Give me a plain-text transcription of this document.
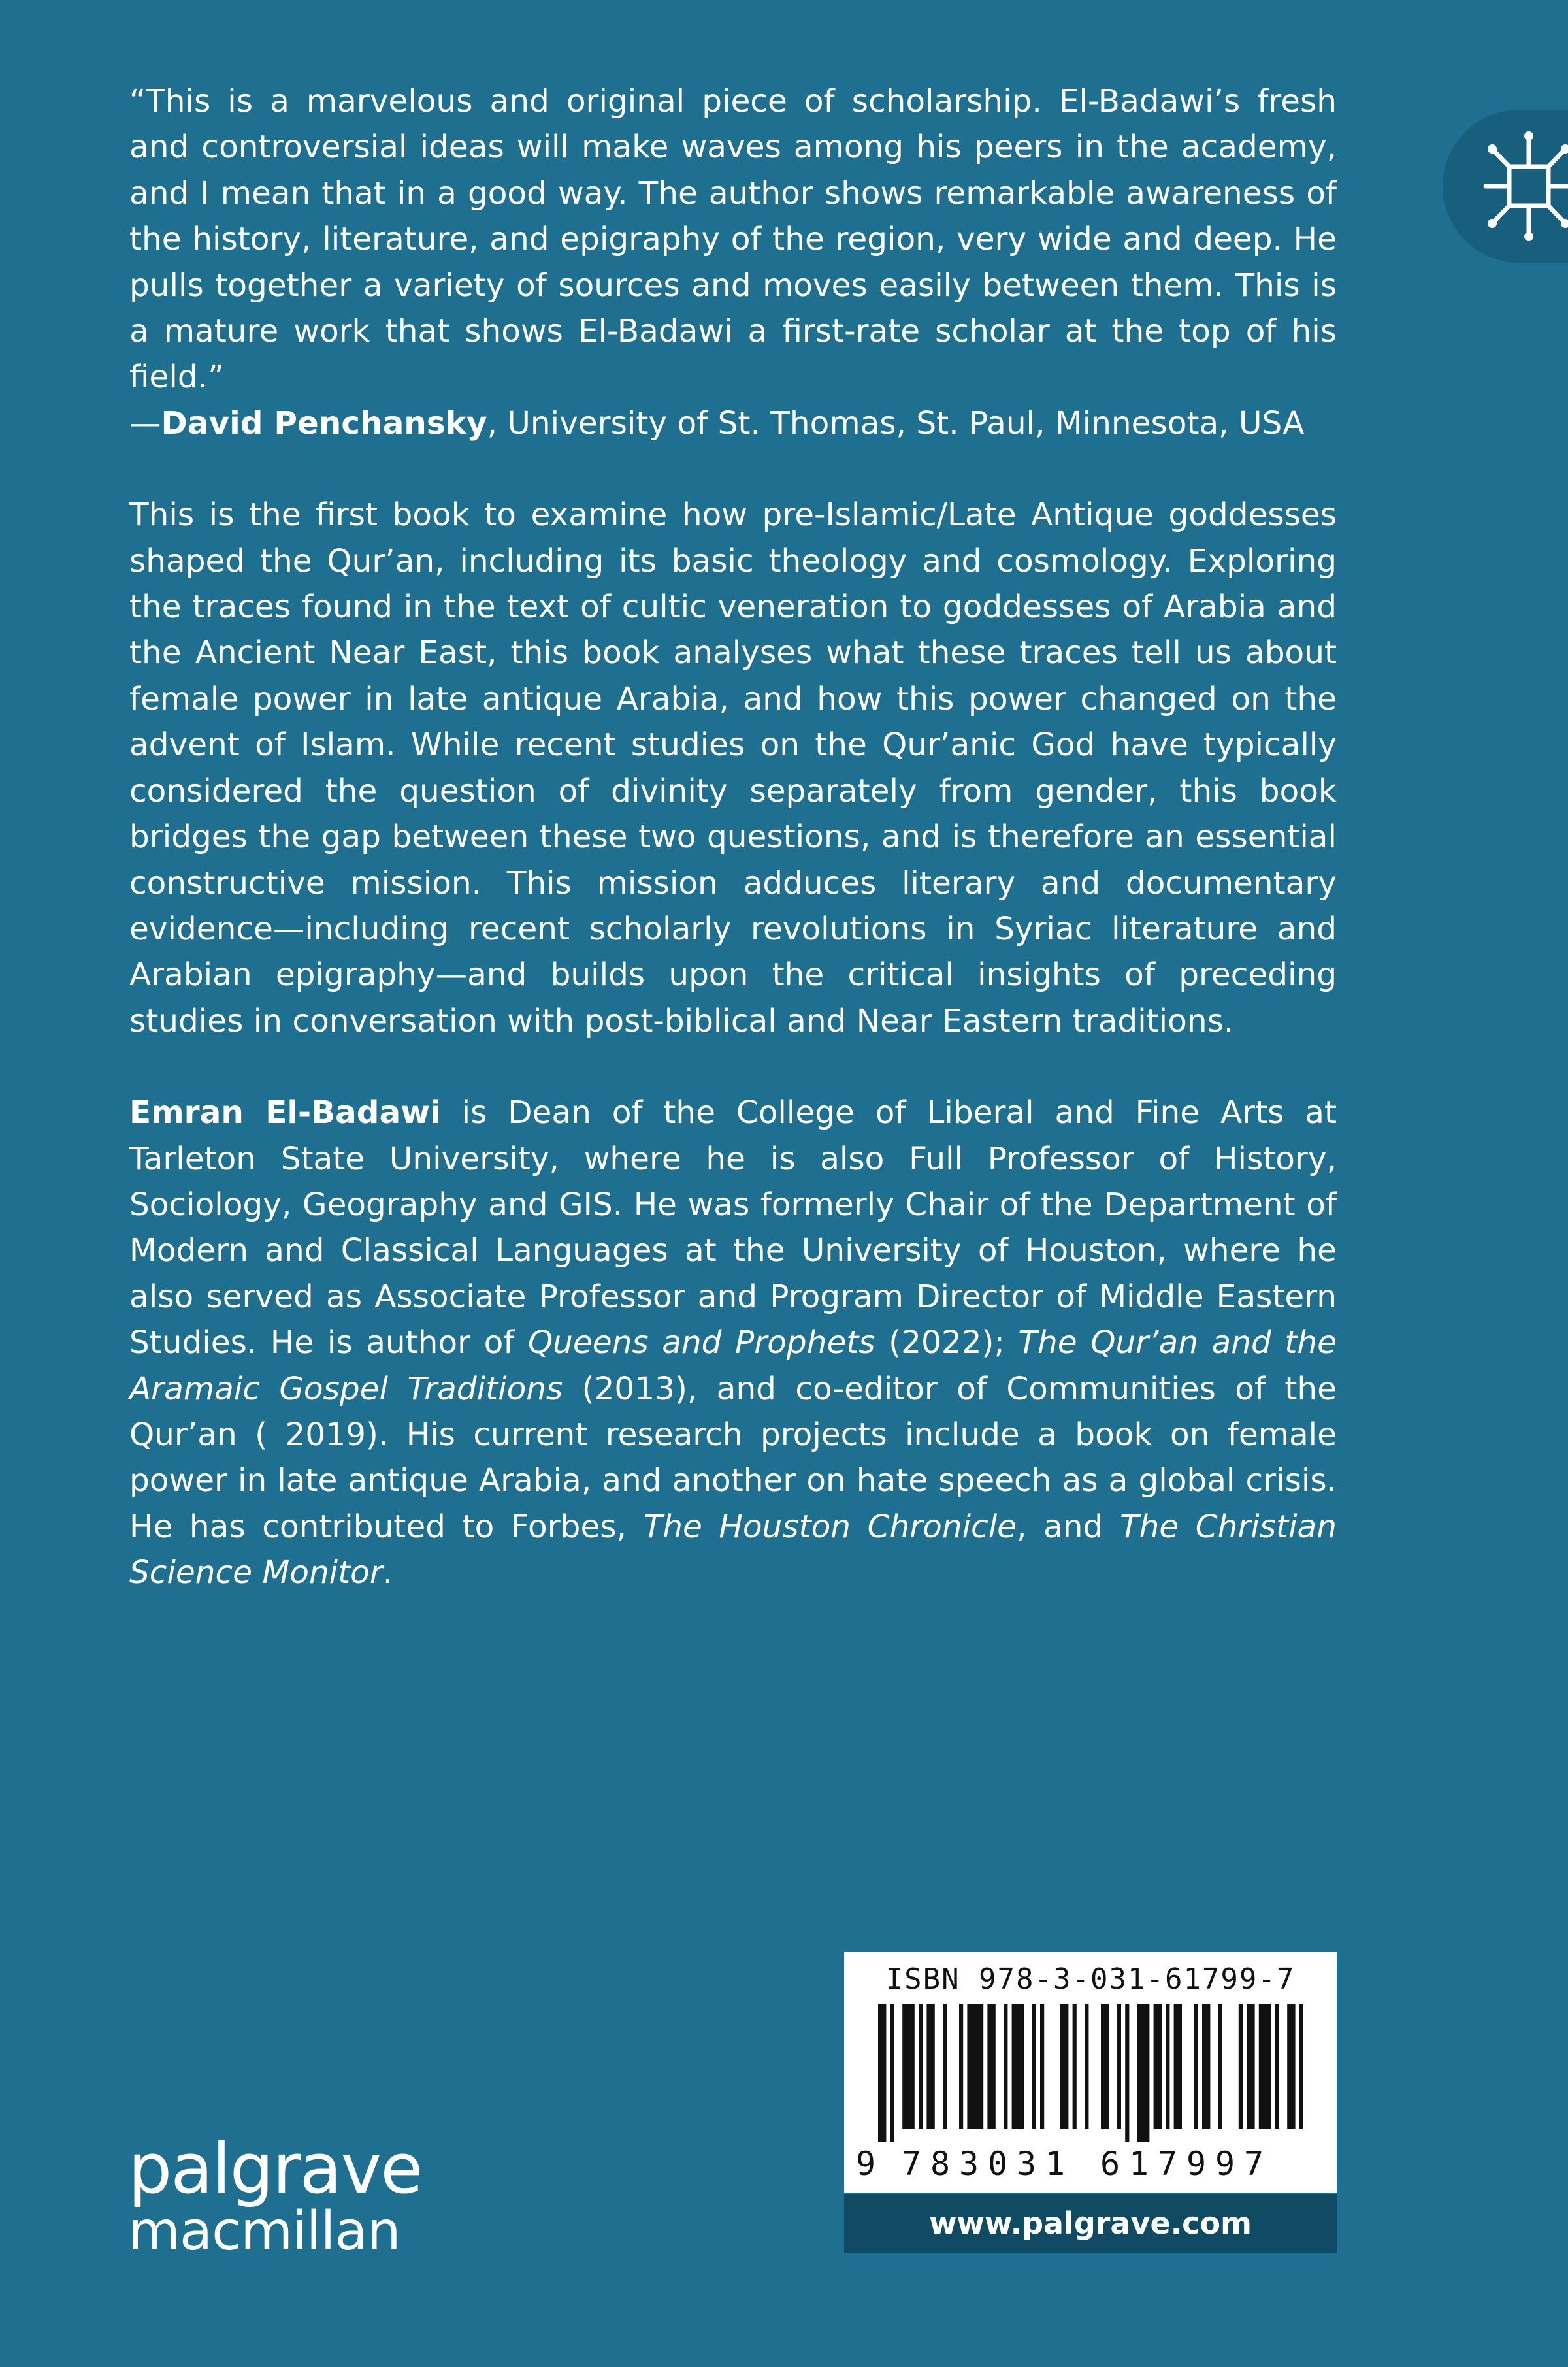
“This is a marvelous and original piece of scholarship. El-Badawi’s fresh and controversial ideas will make waves among his peers in the academy, and I mean that in a good way. The author shows remarkable awareness of the history, literature, and epigraphy of the region, very wide and deep. He pulls together a variety of sources and moves easily between them. This is a mature work that shows El-Badawi a first-rate scholar at the top of his field.”

—David Penchansky, University of St. Thomas, St. Paul, Minnesota, USA

This is the first book to examine how pre-Islamic/Late Antique goddesses shaped the Qur’an, including its basic theology and cosmology. Exploring the traces found in the text of cultic veneration to goddesses of Arabia and the Ancient Near East, this book analyses what these traces tell us about female power in late antique Arabia, and how this power changed on the advent of Islam. While recent studies on the Qur’anic God have typically considered the question of divinity separately from gender, this book bridges the gap between these two questions, and is therefore an essential constructive mission. This mission adduces literary and documentary evidence—including recent scholarly revolutions in Syriac literature and Arabian epigraphy—and builds upon the critical insights of preceding studies in conversation with post-biblical and Near Eastern traditions.

Emran El-Badawi is Dean of the College of Liberal and Fine Arts at Tarleton State University, where he is also Full Professor of History, Sociology, Geography and GIS. He was formerly Chair of the Department of Modern and Classical Languages at the University of Houston, where he also served as Associate Professor and Program Director of Middle Eastern Studies. He is author of Queens and Prophets (2022); The Qur’an and the Aramaic Gospel Traditions (2013), and co-editor of Communities of the Qur’an ( 2019). His current research projects include a book on female power in late antique Arabia, and another on hate speech as a global crisis. He has contributed to Forbes, The Houston Chronicle, and The Christian Science Monitor.

palgrave
macmillan
ISBN 978-3-031-61799-7
9 7 8 3 0 3 1 6 1 7 9 9 7
www.palgrave.com
